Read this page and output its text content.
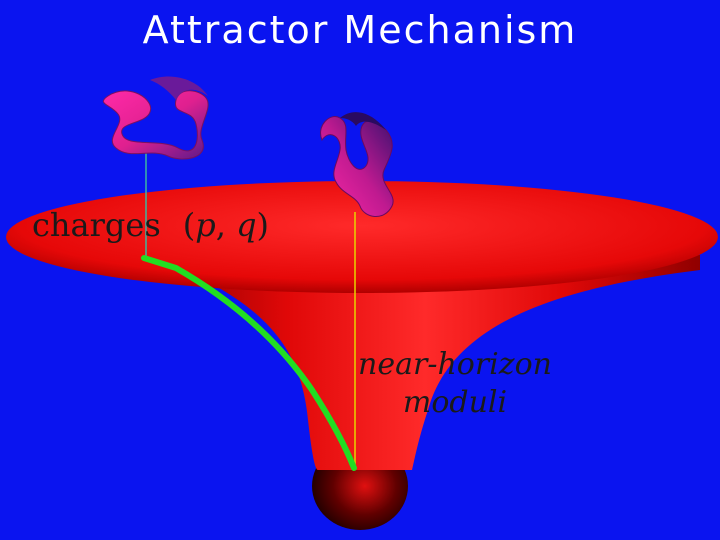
Attractor Mechanism
charges (p, q)
near-horizon
moduli
